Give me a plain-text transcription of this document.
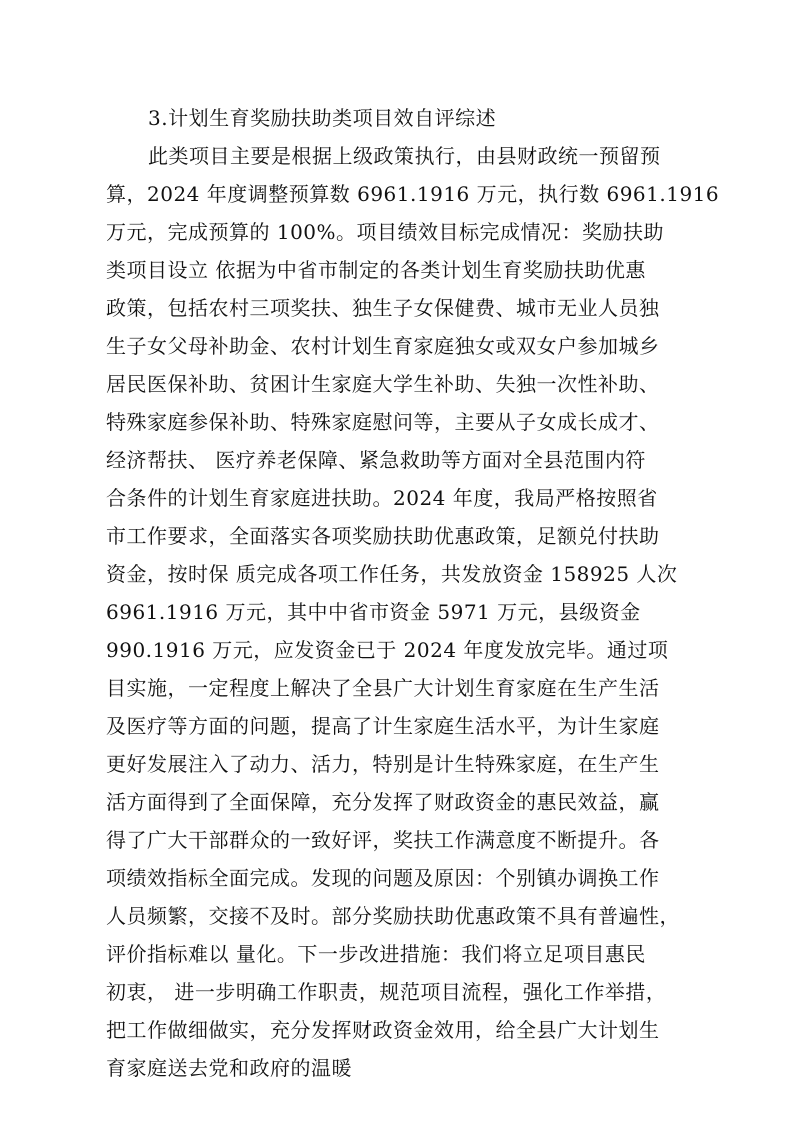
3.计划生育奖励扶助类项目效自评综述
此类项目主要是根据上级政策执行，由县财政统一预留预
算，2024 年度调整预算数 6961.1916 万元，执行数 6961.1916
万元，完成预算的 100%。项目绩效目标完成情况：奖励扶助
类项目设立 依据为中省市制定的各类计划生育奖励扶助优惠
政策，包括农村三项奖扶、独生子女保健费、城市无业人员独
生子女父母补助金、农村计划生育家庭独女或双女户参加城乡
居民医保补助、贫困计生家庭大学生补助、失独一次性补助、
特殊家庭参保补助、特殊家庭慰问等，主要从子女成长成才、
经济帮扶、 医疗养老保障、紧急救助等方面对全县范围内符
合条件的计划生育家庭进扶助。2024 年度，我局严格按照省
市工作要求，全面落实各项奖励扶助优惠政策，足额兑付扶助
资金，按时保 质完成各项工作任务，共发放资金 158925 人次
6961.1916 万元，其中中省市资金 5971 万元，县级资金
990.1916 万元，应发资金已于 2024 年度发放完毕。通过项
目实施，一定程度上解决了全县广大计划生育家庭在生产生活
及医疗等方面的问题，提高了计生家庭生活水平，为计生家庭
更好发展注入了动力、活力，特别是计生特殊家庭，在生产生
活方面得到了全面保障，充分发挥了财政资金的惠民效益，赢
得了广大干部群众的一致好评，奖扶工作满意度不断提升。各
项绩效指标全面完成。发现的问题及原因：个别镇办调换工作
人员频繁，交接不及时。部分奖励扶助优惠政策不具有普遍性，
评价指标难以 量化。下一步改进措施：我们将立足项目惠民
初衷， 进一步明确工作职责，规范项目流程，强化工作举措，
把工作做细做实，充分发挥财政资金效用，给全县广大计划生
育家庭送去党和政府的温暖
